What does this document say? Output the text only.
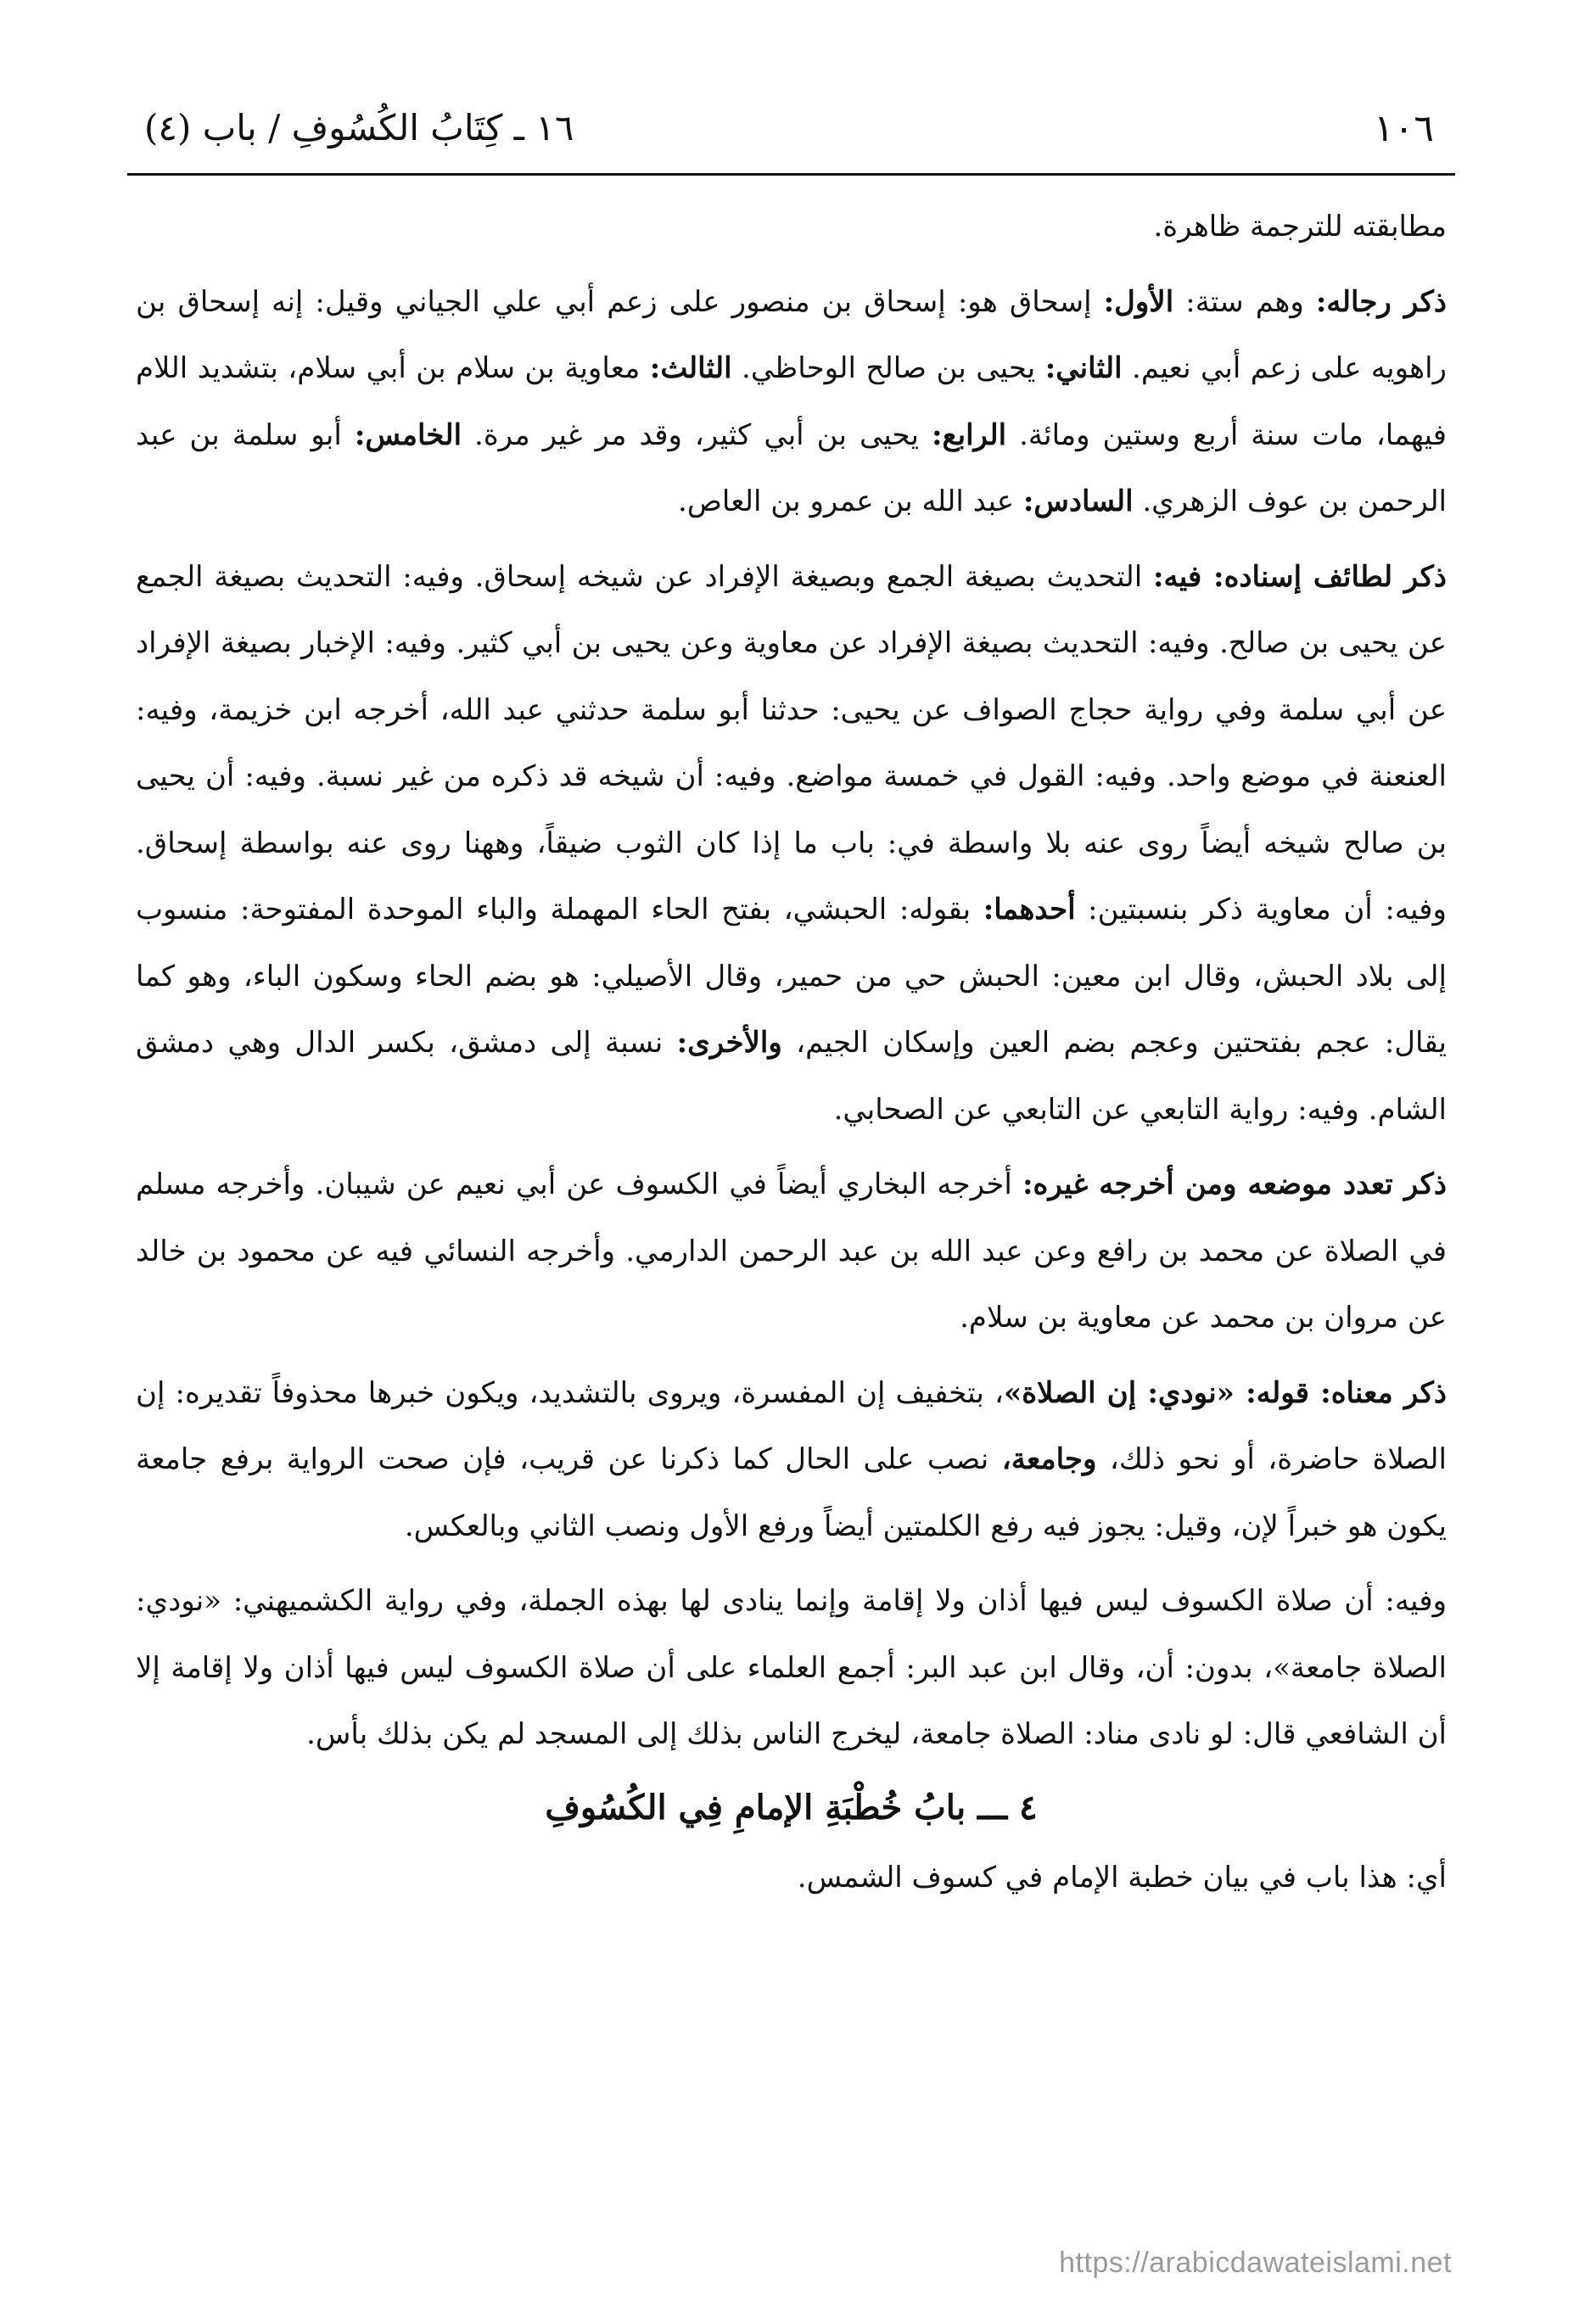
١٠٦
١٦ ـ كِتَابُ الكُسُوفِ / باب (٤)

مطابقته للترجمة ظاهرة.

ذكر رجاله: وهم ستة: الأول: إسحاق هو: إسحاق بن منصور على زعم أبي علي الجياني وقيل: إنه إسحاق بن راهويه على زعم أبي نعيم. الثاني: يحيى بن صالح الوحاظي. الثالث: معاوية بن سلام بن أبي سلام، بتشديد اللام فيهما، مات سنة أربع وستين ومائة. الرابع: يحيى بن أبي كثير، وقد مر غير مرة. الخامس: أبو سلمة بن عبد الرحمن بن عوف الزهري. السادس: عبد الله بن عمرو بن العاص.

ذكر لطائف إسناده: فيه: التحديث بصيغة الجمع وبصيغة الإفراد عن شيخه إسحاق. وفيه: التحديث بصيغة الجمع عن يحيى بن صالح. وفيه: التحديث بصيغة الإفراد عن معاوية وعن يحيى بن أبي كثير. وفيه: الإخبار بصيغة الإفراد عن أبي سلمة وفي رواية حجاج الصواف عن يحيى: حدثنا أبو سلمة حدثني عبد الله، أخرجه ابن خزيمة، وفيه: العنعنة في موضع واحد. وفيه: القول في خمسة مواضع. وفيه: أن شيخه قد ذكره من غير نسبة. وفيه: أن يحيى بن صالح شيخه أيضاً روى عنه بلا واسطة في: باب ما إذا كان الثوب ضيقاً، وههنا روى عنه بواسطة إسحاق. وفيه: أن معاوية ذكر بنسبتين: أحدهما: بقوله: الحبشي، بفتح الحاء المهملة والباء الموحدة المفتوحة: منسوب إلى بلاد الحبش، وقال ابن معين: الحبش حي من حمير، وقال الأصيلي: هو بضم الحاء وسكون الباء، وهو كما يقال: عجم بفتحتين وعجم بضم العين وإسكان الجيم، والأخرى: نسبة إلى دمشق، بكسر الدال وهي دمشق الشام. وفيه: رواية التابعي عن التابعي عن الصحابي.

ذكر تعدد موضعه ومن أخرجه غيره: أخرجه البخاري أيضاً في الكسوف عن أبي نعيم عن شيبان. وأخرجه مسلم في الصلاة عن محمد بن رافع وعن عبد الله بن عبد الرحمن الدارمي. وأخرجه النسائي فيه عن محمود بن خالد عن مروان بن محمد عن معاوية بن سلام.

ذكر معناه: قوله: «نودي: إن الصلاة»، بتخفيف إن المفسرة، ويروى بالتشديد، ويكون خبرها محذوفاً تقديره: إن الصلاة حاضرة، أو نحو ذلك، وجامعة، نصب على الحال كما ذكرنا عن قريب، فإن صحت الرواية برفع جامعة يكون هو خبراً لإن، وقيل: يجوز فيه رفع الكلمتين أيضاً ورفع الأول ونصب الثاني وبالعكس.

وفيه: أن صلاة الكسوف ليس فيها أذان ولا إقامة وإنما ينادى لها بهذه الجملة، وفي رواية الكشميهني: «نودي: الصلاة جامعة»، بدون: أن، وقال ابن عبد البر: أجمع العلماء على أن صلاة الكسوف ليس فيها أذان ولا إقامة إلا أن الشافعي قال: لو نادى مناد: الصلاة جامعة، ليخرج الناس بذلك إلى المسجد لم يكن بذلك بأس.

٤ ـــ بابُ خُطْبَةِ الإمامِ فِي الكُسُوفِ

أي: هذا باب في بيان خطبة الإمام في كسوف الشمس.

https://arabicdawateislami.net
